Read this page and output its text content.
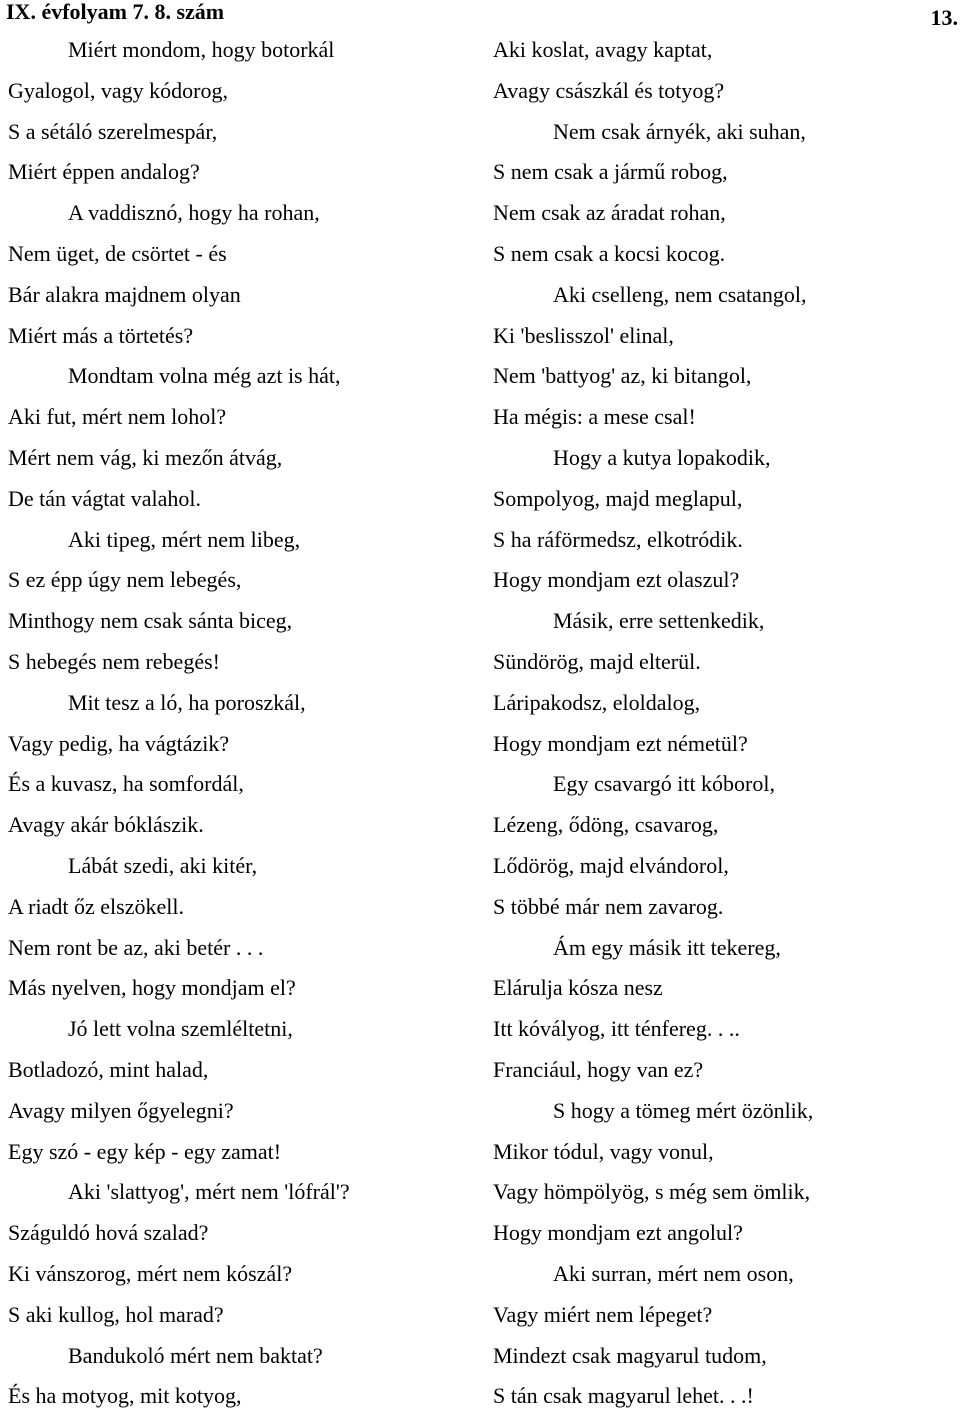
IX. évfolyam 7. 8. szám	13.
Miért mondom, hogy botorkál
Gyalogol, vagy kódorog,
S a sétáló szerelmespár,
Miért éppen andalog?
A vaddisznó, hogy ha rohan,
Nem üget, de csörtet - és
Bár alakra majdnem olyan
Miért más a törtetés?
Mondtam volna még azt is hát,
Aki fut, mért nem lohol?
Mért nem vág, ki mezőn átvág,
De tán vágtat valahol.
Aki tipeg, mért nem libeg,
S ez épp úgy nem lebegés,
Minthogy nem csak sánta biceg,
S hebegés nem rebegés!
Mit tesz a ló, ha poroszkál,
Vagy pedig, ha vágtázik?
És a kuvasz, ha somfordál,
Avagy akár bóklászik.
Lábát szedi, aki kitér,
A riadt őz elszökell.
Nem ront be az, aki betér . . .
Más nyelven, hogy mondjam el?
Jó lett volna szemléltetni,
Botladozó, mint halad,
Avagy milyen őgyelegni?
Egy szó - egy kép - egy zamat!
Aki 'slattyog', mért nem 'lófrál'?
Száguldó hová szalad?
Ki vánszorog, mért nem kószál?
S aki kullog, hol marad?
Bandukoló mért nem baktat?
És ha motyog, mit kotyog,
Aki koslat, avagy kaptat,
Avagy császkál és totyog?
Nem csak árnyék, aki suhan,
S nem csak a jármű robog,
Nem csak az áradat rohan,
S nem csak a kocsi kocog.
Aki cselleng, nem csatangol,
Ki 'beslisszol' elinal,
Nem 'battyog' az, ki bitangol,
Ha mégis: a mese csal!
Hogy a kutya lopakodik,
Sompolyog, majd meglapul,
S ha ráförmedsz, elkotródik.
Hogy mondjam ezt olaszul?
Másik, erre settenkedik,
Sündörög, majd elterül.
Láripakodsz, eloldalog,
Hogy mondjam ezt németül?
Egy csavargó itt kóborol,
Lézeng, ődöng, csavarog,
Lődörög, majd elvándorol,
S többé már nem zavarog.
Ám egy másik itt tekereg,
Elárulja kósza nesz
Itt kóvályog, itt ténfereg. . ..
Franciául, hogy van ez?
S hogy a tömeg mért özönlik,
Mikor tódul, vagy vonul,
Vagy hömpölyög, s még sem ömlik,
Hogy mondjam ezt angolul?
Aki surran, mért nem oson,
Vagy miért nem lépeget?
Mindezt csak magyarul tudom,
S tán csak magyarul lehet. . .!
